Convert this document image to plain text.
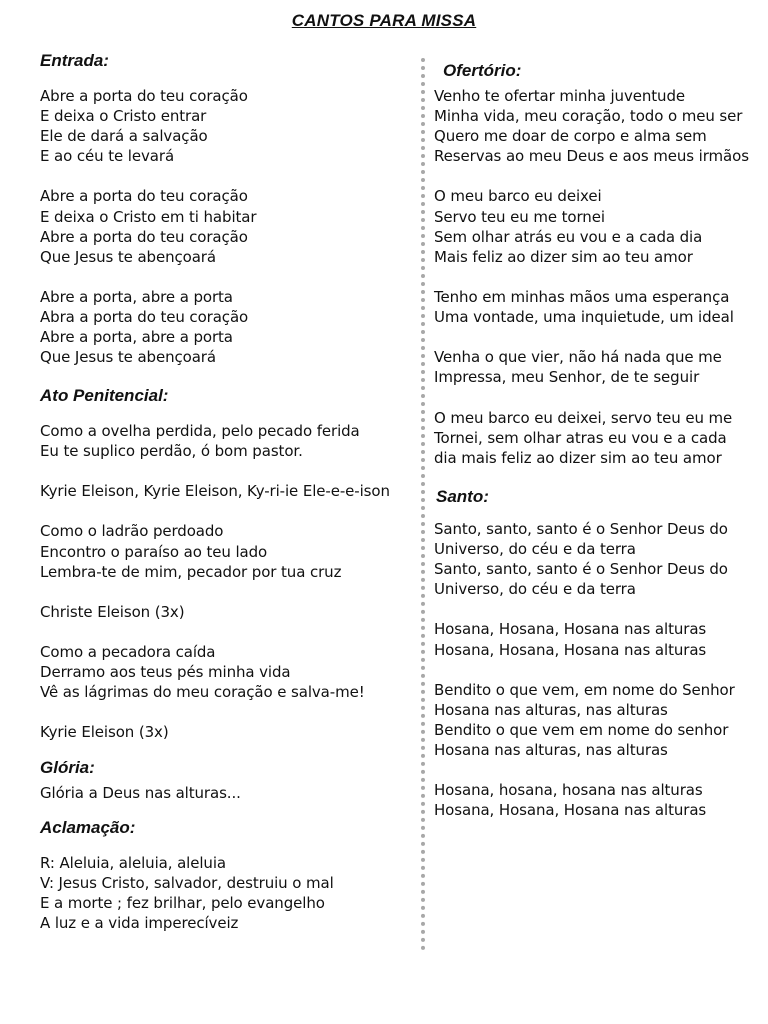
CANTOS PARA MISSA
Entrada:
Abre a porta do teu coração
E deixa o Cristo entrar
Ele de dará a salvação
E ao céu te levará
Abre a porta do teu coração
E deixa o Cristo em ti habitar
Abre a porta do teu coração
Que Jesus te abençoará
Abre a porta, abre a porta
Abra a porta do teu coração
Abre a porta, abre a porta
Que Jesus te abençoará
Ato Penitencial:
Como a ovelha perdida, pelo pecado ferida
Eu te suplico perdão, ó bom pastor.
Kyrie Eleison, Kyrie Eleison, Ky-ri-ie Ele-e-e-ison
Como o ladrão perdoado
Encontro o paraíso ao teu lado
Lembra-te de mim, pecador por tua cruz
Christe Eleison (3x)
Como a pecadora caída
Derramo aos teus pés minha vida
Vê as lágrimas do meu coração e salva-me!
Kyrie Eleison (3x)
Glória:
Glória a Deus nas alturas...
Aclamação:
R: Aleluia, aleluia, aleluia
V: Jesus Cristo, salvador, destruiu o mal
E a morte ; fez brilhar, pelo evangelho
A luz e a vida imperecíveiz
Ofertório:
Venho te ofertar minha juventude
Minha vida, meu coração, todo o meu ser
Quero me doar de corpo e alma sem
Reservas ao meu Deus e aos meus irmãos
O meu barco eu deixei
Servo teu eu me tornei
Sem olhar atrás eu vou e a cada dia
Mais feliz ao dizer sim ao teu amor
Tenho em minhas mãos uma esperança
Uma vontade, uma inquietude, um ideal
Venha o que vier, não há nada que me
Impressa, meu Senhor, de te seguir
O meu barco eu deixei, servo teu eu me
Tornei, sem olhar atras eu vou e a cada
dia mais feliz ao dizer sim ao teu amor
Santo:
Santo, santo, santo é o Senhor Deus do
Universo, do céu e da terra
Santo, santo, santo é o Senhor Deus do
Universo, do céu e da terra
Hosana, Hosana, Hosana nas alturas
Hosana, Hosana, Hosana nas alturas
Bendito o que vem, em nome do Senhor
Hosana nas alturas, nas alturas
Bendito o que vem em nome do senhor
Hosana nas alturas, nas alturas
Hosana, hosana, hosana nas alturas
Hosana, Hosana, Hosana nas alturas
